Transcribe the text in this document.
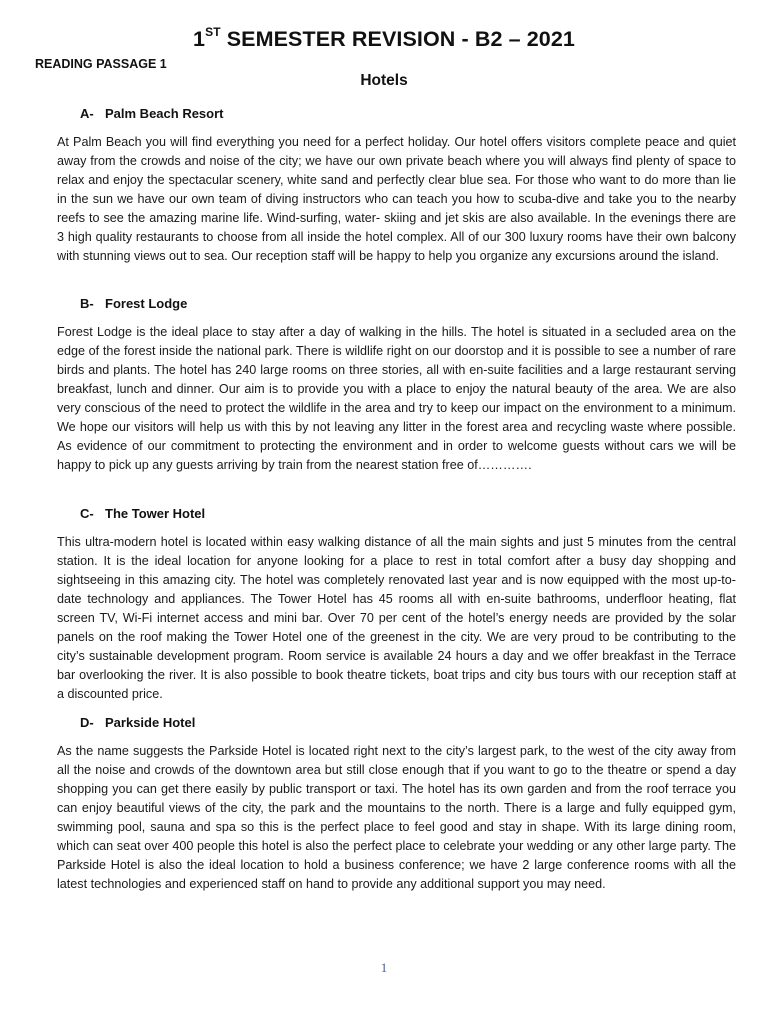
1ST SEMESTER REVISION - B2 – 2021
READING PASSAGE 1
Hotels
A- Palm Beach Resort
At Palm Beach you will find everything you need for a perfect holiday. Our hotel offers visitors complete peace and quiet away from the crowds and noise of the city; we have our own private beach where you will always find plenty of space to relax and enjoy the spectacular scenery, white sand and perfectly clear blue sea. For those who want to do more than lie in the sun we have our own team of diving instructors who can teach you how to scuba-dive and take you to the nearby reefs to see the amazing marine life. Wind-surfing, water- skiing and jet skis are also available. In the evenings there are 3 high quality restaurants to choose from all inside the hotel complex. All of our 300 luxury rooms have their own balcony with stunning views out to sea. Our reception staff will be happy to help you organize any excursions around the island.
B- Forest Lodge
Forest Lodge is the ideal place to stay after a day of walking in the hills. The hotel is situated in a secluded area on the edge of the forest inside the national park. There is wildlife right on our doorstop and it is possible to see a number of rare birds and plants. The hotel has 240 large rooms on three stories, all with en-suite facilities and a large restaurant serving breakfast, lunch and dinner. Our aim is to provide you with a place to enjoy the natural beauty of the area. We are also very conscious of the need to protect the wildlife in the area and try to keep our impact on the environment to a minimum. We hope our visitors will help us with this by not leaving any litter in the forest area and recycling waste where possible. As evidence of our commitment to protecting the environment and in order to welcome guests without cars we will be happy to pick up any guests arriving by train from the nearest station free of………….
C- The Tower Hotel
This ultra-modern hotel is located within easy walking distance of all the main sights and just 5 minutes from the central station. It is the ideal location for anyone looking for a place to rest in total comfort after a busy day shopping and sightseeing in this amazing city. The hotel was completely renovated last year and is now equipped with the most up-to-date technology and appliances. The Tower Hotel has 45 rooms all with en-suite bathrooms, underfloor heating, flat screen TV, Wi-Fi internet access and mini bar. Over 70 per cent of the hotel’s energy needs are provided by the solar panels on the roof making the Tower Hotel one of the greenest in the city. We are very proud to be contributing to the city’s sustainable development program. Room service is available 24 hours a day and we offer breakfast in the Terrace bar overlooking the river. It is also possible to book theatre tickets, boat trips and city bus tours with our reception staff at a discounted price.
D- Parkside Hotel
As the name suggests the Parkside Hotel is located right next to the city’s largest park, to the west of the city away from all the noise and crowds of the downtown area but still close enough that if you want to go to the theatre or spend a day shopping you can get there easily by public transport or taxi. The hotel has its own garden and from the roof terrace you can enjoy beautiful views of the city, the park and the mountains to the north. There is a large and fully equipped gym, swimming pool, sauna and spa so this is the perfect place to feel good and stay in shape. With its large dining room, which can seat over 400 people this hotel is also the perfect place to celebrate your wedding or any other large party. The Parkside Hotel is also the ideal location to hold a business conference; we have 2 large conference rooms with all the latest technologies and experienced staff on hand to provide any additional support you may need.
1
